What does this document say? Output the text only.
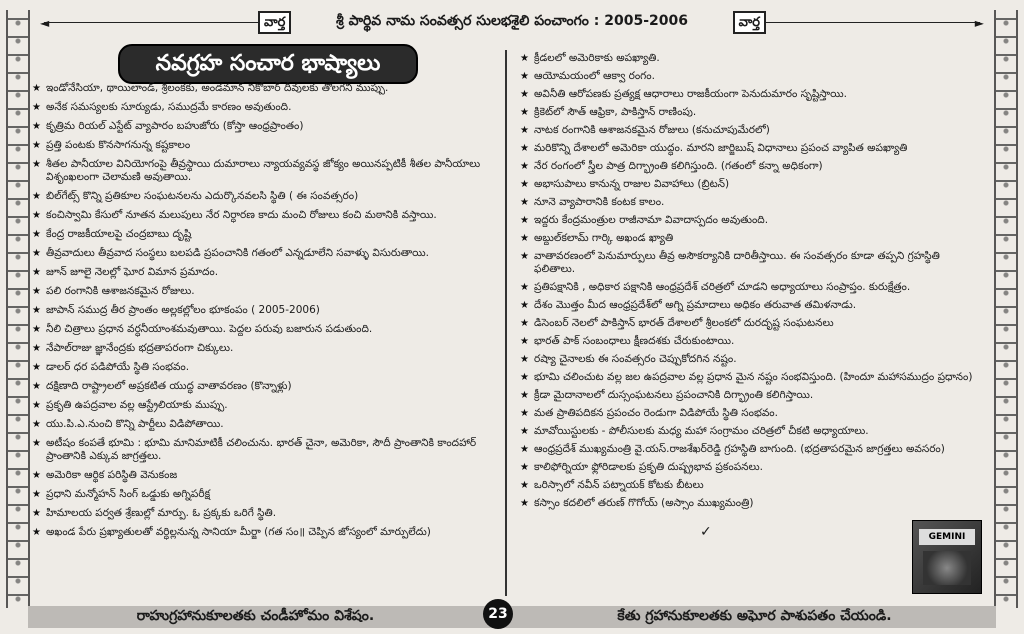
◄	►
వార్త	శ్రీ పార్థివ నామ సంవత్సర సులభశైలి పంచాంగం : 2005-2006	వార్త
నవగ్రహ సంచార భాష్యాలు
★ ఇండోనేసియా, థాయిలాండ్, శ్రీలంకకు, అండమాన్ నికోబార్ దీవులకు తొలగని ముప్పు.
★ అనేక సమస్యలకు సూర్యుడు, సముద్రమే కారణం అవుతుంది.
★ కృత్రిమ రియల్ ఎస్టేట్ వ్యాపారం బహుజోరు (కోస్తా ఆంధ్రప్రాంతం)
★ ప్రత్తి పంటకు కొనసాగనున్న కష్టకాలం
★ శీతల పానీయాల వినియోగంపై తీవ్రస్థాయి దుమారాలు న్యాయవ్యవస్థ జోక్యం అయినప్పటికీ శీతల పానీయాలు విశృంఖలంగా చెలామణి అవుతాయి.
★ బిల్‌గేట్స్ కొన్ని ప్రతికూల సంఘటనలను ఎదుర్కొనవలసి స్థితి ( ఈ సంవత్సరం)
★ కంచిస్వామి కేసులో నూతన మలుపులు నేర నిర్ధారణ కాదు మంచి రోజులు కంచి మఠానికి వస్తాయి.
★ కేంద్ర రాజకీయాలపై చంద్రబాబు దృష్టి
★ తీవ్రవాదులు తీవ్రవాద సంస్థలు బలపడి ప్రపంచానికి గతంలో ఎన్నడూలేని సవాళ్ళు విసురుతాయి.
★ జూన్ జూలై నెలల్లో ఘోర విమాన ప్రమాదం.
★ పలి రంగానికి ఆశాజనకమైన రోజులు.
★ జాపాన్ సముద్ర తీర ప్రాంతం అల్లకల్లోలం భూకంపం ( 2005-2006)
★ నీలి చిత్రాలు ప్రధాన వర్ధనీయాంశమవుతాయి. పెద్దల పరువు బజారున పడుతుంది.
★ నేపాల్‌రాజు జ్ఞానేంద్రకు భద్రతాపరంగా చిక్కులు.
★ డాలర్ ధర పడిపోయే స్థితి సంభవం.
★ దక్షిణాది రాష్ట్రాలలో అప్రకటిత యుద్ధ వాతావరణం (కొన్నాళ్లు)
★ ప్రకృతి ఉపద్రవాల వల్ల ఆస్ట్రేలియాకు ముప్పు.
★ యు.పి.ఎ.నుంచి కొన్ని పార్టీలు విడిపోతాయి.
★ అటీషం కంపతే భూమి : భూమి మానిమాటికీ చలించును. భారత్ చైనా, అమెరికా, సౌదీ ప్రాంతానికి కాందహార్ ప్రాంతానికి ఎక్కువ జాగ్రత్తలు.
★ అమెరికా ఆర్థిక పరిస్థితి వెనుకంజ
★ ప్రధాని మన్మోహన్ సింగ్ ఒడ్డుకు అగ్నిపరీక్ష
★ హిమాలయ పర్వత శ్రేణుల్లో మార్పు. ఓ ప్రక్కకు ఒరిగే స్థితి.
★ అఖండ పేరు ప్రఖ్యాతులతో వర్ధిల్లనున్న సానియా మీర్జా (గత సం॥ చెప్పిన జోస్యంలో మార్పులేదు)
★ క్రీడలలో అమెరికాకు అపఖ్యాతి.
★ ఆయోమయంలో ఆక్వా రంగం.
★ అవినీతి ఆరోపణకు ప్రత్యక్ష ఆధారాలు రాజకీయంగా పెనుదుమారం సృష్టిస్తాయి.
★ క్రికెట్‌లో సౌత్ ఆఫ్రికా, పాకిస్తాన్ రాణింపు.
★ నాటక రంగానికి ఆశాజనకమైన రోజులు (కనుచూపుమేరలో)
★ మరికొన్ని దేశాలలో అమెరికా యుద్ధం. మారని జార్జిబుష్ విధానాలు ప్రపంచ వ్యాపిత అపఖ్యాతి
★ నేర రంగంలో స్త్రీల పాత్ర దిగ్భ్రాంతి కలిగిస్తుంది. (గతంలో కన్నా అధికంగా)
★ అభాసుపాలు కానున్న రాజుల వివాహాలు (బ్రిటన్)
★ నూనె వ్యాపారానికి కంటక కాలం.
★ ఇద్దరు కేంద్రమంత్రుల రాజీనామా వివాదాస్పదం అవుతుంది.
★ అబ్దుల్‌కలామ్ గార్కి అఖండ ఖ్యాతి
★ వాతావరణంలో పెనుమార్పులు తీవ్ర అసౌకర్యానికి దారితీస్తాయి. ఈ సంవత్సరం కూడా తప్పని గ్రహస్థితి ఫలితాలు.
★ ప్రతిపక్షానికి , అధికార పక్షానికి ఆంధ్రప్రదేశ్ చరిత్రలో చూడని అధ్యాయాలు సంప్రాప్తం. కురుక్షేత్రం.
★ దేశం మొత్తం మీద ఆంధ్రప్రదేశ్‌లో అగ్ని ప్రమాదాలు అధికం తరువాత తమిళనాడు.
★ డిసెంబర్ నెలలో పాకిస్తాన్ భారత్ దేశాలలో శ్రీలంకలో దురదృష్ట సంఘటనలు
★ భారత్ పాక్ సంబంధాలు క్షీణదశకు చేరుకుంటాయి.
★ రష్యా చైనాలకు ఈ సంవత్సరం చెప్పుకోదగిన నష్టం.
★ భూమి చలించుట వల్ల జల ఉపద్రవాల వల్ల ప్రధాన మైన నష్టం సంభవిస్తుంది. (హిందూ మహాసముద్రం ప్రధానం)
★ క్రీడా మైదానాలలో దుస్సంఘటనలు ప్రపంచానికి దిగ్భ్రాంతి కలిగిస్తాయి.
★ మత ప్రాతిపదికన ప్రపంచం రెండుగా విడిపోయే స్థితి సంభవం.
★ మావోయిస్టులకు - పోలీసులకు మధ్య మహా సంగ్రామం చరిత్రలో చీకటి అధ్యాయాలు.
★ ఆంధ్రప్రదేశ్ ముఖ్యమంత్రి వై.యస్.రాజశేఖర్‌రెడ్డి గ్రహస్థితి బాగుంది. (భద్రతాపరమైన జాగ్రత్తలు అవసరం)
★ కాలిఫోర్నియా ఫ్లోరిడాలకు ప్రకృతి దుష్ప్రభావ ప్రకంపనలు.
★ ఒరిస్సాలో నవీన్ పట్నాయక్ కోటకు బీటలు
★ కస్సాం కదలిలో తరుణ్ గొగోయ్ (అస్సాం ముఖ్యమంత్రి)
✓	GEMINI
రాహుగ్రహానుకూలతకు చండీహోమం విశేషం.	23	కేతు గ్రహానుకూలతకు అఘోర పాశుపతం చేయండి.
